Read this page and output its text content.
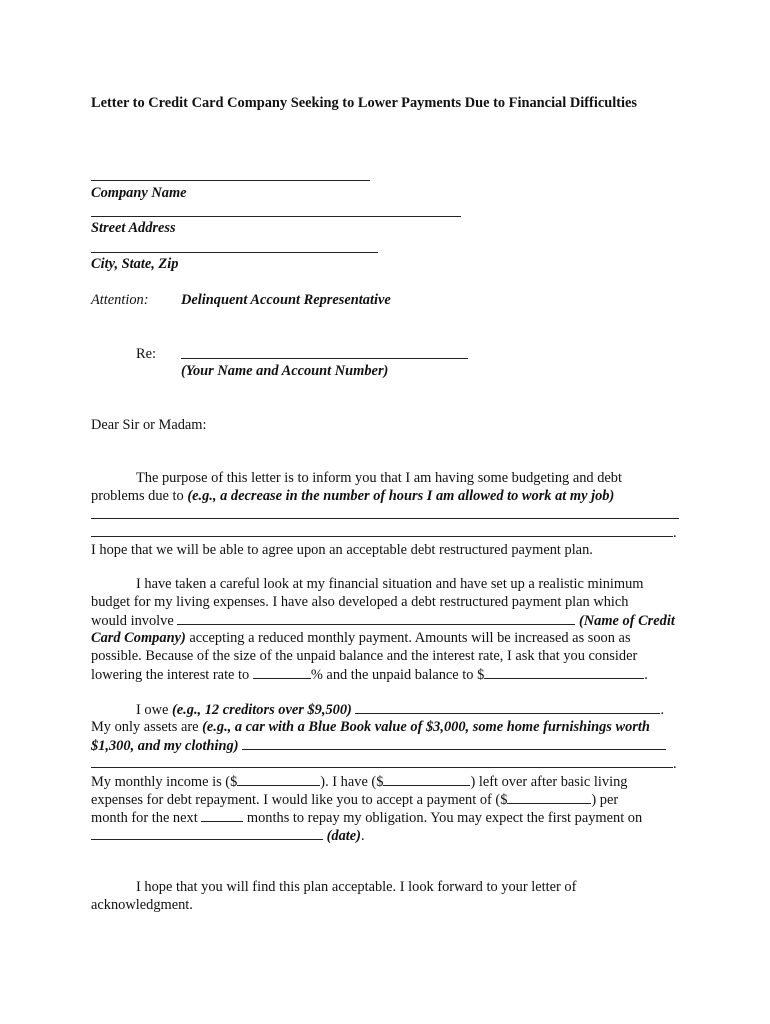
Letter to Credit Card Company Seeking to Lower Payments Due to Financial Difficulties
Company Name
Street Address
City, State, Zip
Attention: Delinquent Account Representative
Re:
(Your Name and Account Number)
Dear Sir or Madam:
The purpose of this letter is to inform you that I am having some budgeting and debt
problems due to (e.g., a decrease in the number of hours I am allowed to work at my job)
.
I hope that we will be able to agree upon an acceptable debt restructured payment plan.
I have taken a careful look at my financial situation and have set up a realistic minimum
budget for my living expenses. I have also developed a debt restructured payment plan which
would involve	(Name of Credit
Card Company) accepting a reduced monthly payment. Amounts will be increased as soon as
possible. Because of the size of the unpaid balance and the interest rate, I ask that you consider
lowering the interest rate to	% and the unpaid balance to $	.
I owe (e.g., 12 creditors over $9,500)	.
My only assets are (e.g., a car with a Blue Book value of $3,000, some home furnishings worth
$1,300, and my clothing)
.
My monthly income is ($	). I have ($	) left over after basic living
expenses for debt repayment. I would like you to accept a payment of ($	) per
month for the next	months to repay my obligation. You may expect the first payment on
(date).
I hope that you will find this plan acceptable. I look forward to your letter of
acknowledgment.
